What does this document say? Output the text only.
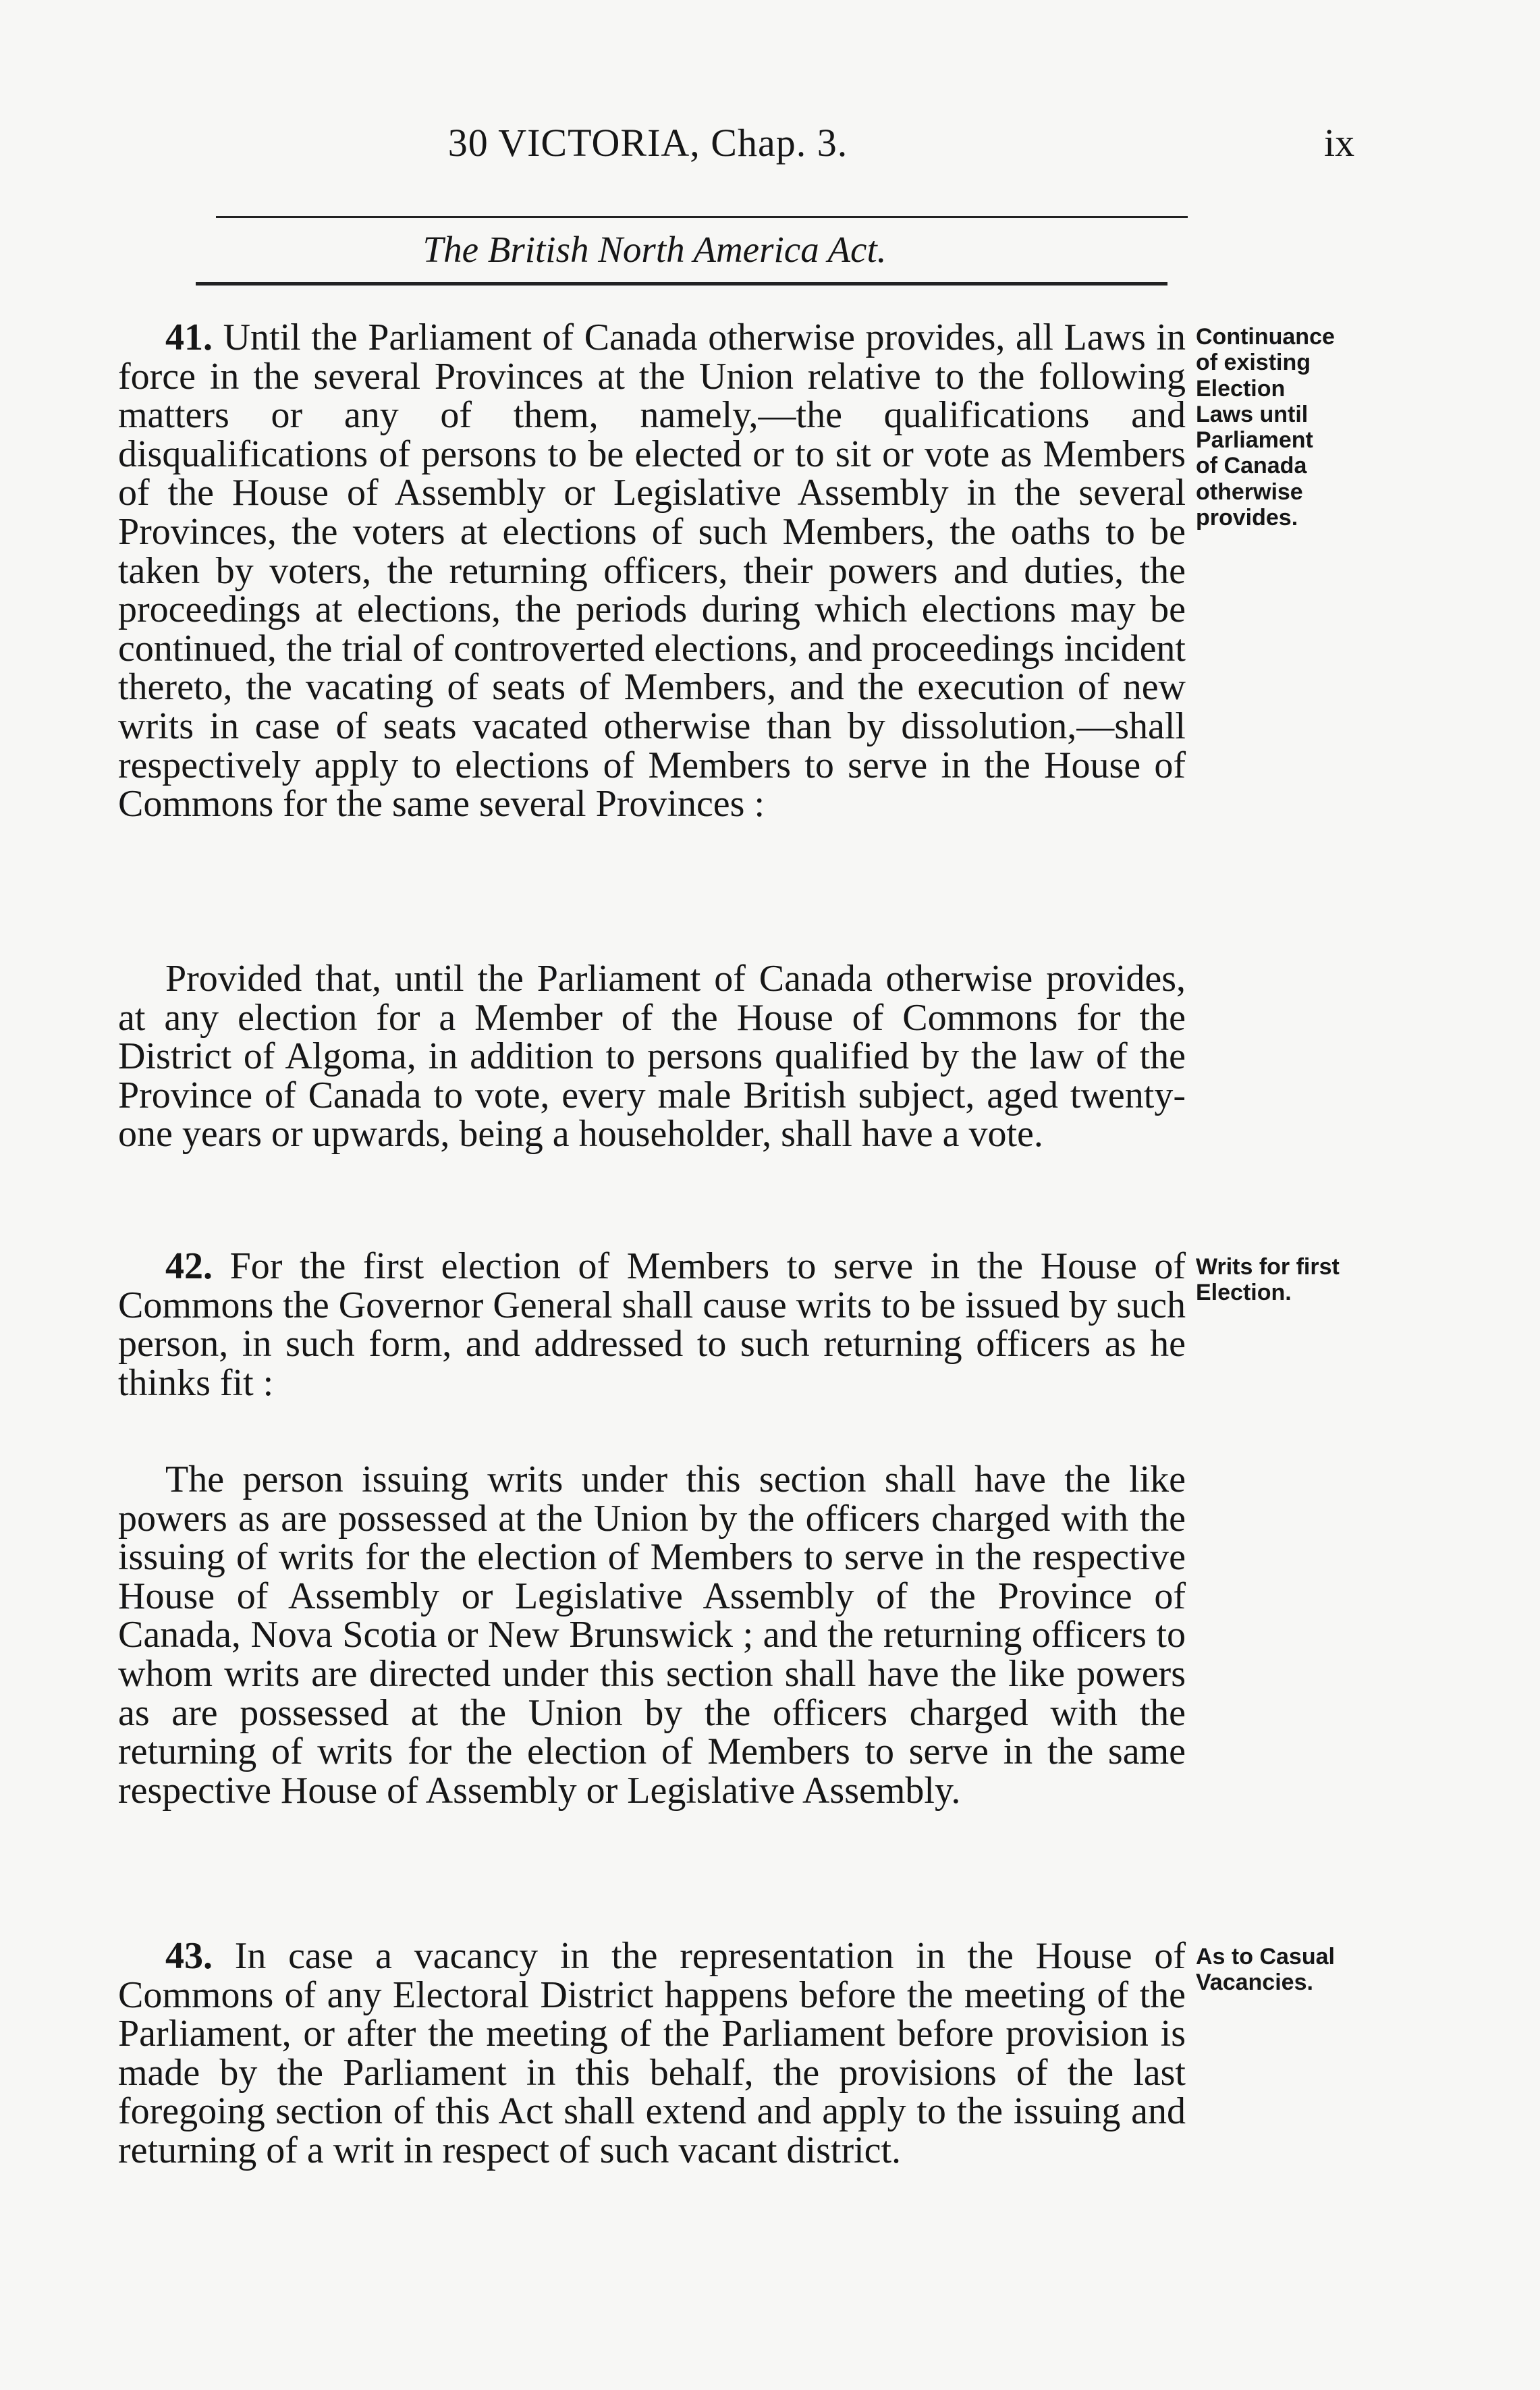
30 VICTORIA, Chap. 3.	ix
The British North America Act.

41. Until the Parliament of Canada otherwise provides, all Laws in force in the several Provinces at the Union relative to the following matters or any of them, namely,—the qualifications and disqualifications of persons to be elected or to sit or vote as Members of the House of Assembly or Legislative Assembly in the several Provinces, the voters at elections of such Members, the oaths to be taken by voters, the returning officers, their powers and duties, the proceedings at elections, the periods during which elections may be continued, the trial of controverted elections, and proceedings incident thereto, the vacating of seats of Members, and the execution of new writs in case of seats vacated otherwise than by dissolution,—shall respectively apply to elections of Members to serve in the House of Commons for the same several Provinces :

Provided that, until the Parliament of Canada otherwise provides, at any election for a Member of the House of Commons for the District of Algoma, in addition to persons qualified by the law of the Province of Canada to vote, every male British subject, aged twenty-one years or upwards, being a householder, shall have a vote.

Continuance
of existing
Election
Laws until
Parliament
of Canada
otherwise
provides.

42. For the first election of Members to serve in the House of Commons the Governor General shall cause writs to be issued by such person, in such form, and addressed to such returning officers as he thinks fit :

The person issuing writs under this section shall have the like powers as are possessed at the Union by the officers charged with the issuing of writs for the election of Members to serve in the respective House of Assembly or Legislative Assembly of the Province of Canada, Nova Scotia or New Brunswick ; and the returning officers to whom writs are directed under this section shall have the like powers as are possessed at the Union by the officers charged with the returning of writs for the election of Members to serve in the same respective House of Assembly or Legislative Assembly.

Writs for first
Election.

43. In case a vacancy in the representation in the House of Commons of any Electoral District happens before the meeting of the Parliament, or after the meeting of the Parliament before provision is made by the Parliament in this behalf, the provisions of the last foregoing section of this Act shall extend and apply to the issuing and returning of a writ in respect of such vacant district.

As to Casual
Vacancies.
